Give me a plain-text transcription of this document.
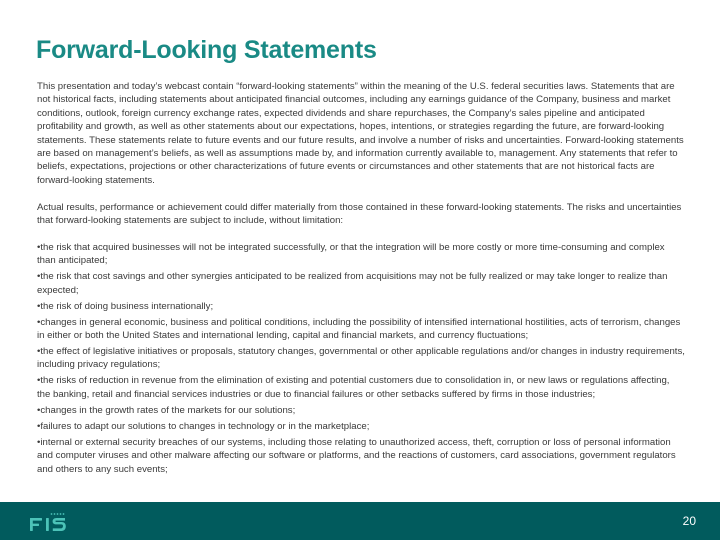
Forward-Looking Statements

This presentation and today’s webcast contain “forward-looking statements” within the meaning of the U.S. federal securities laws. Statements that are not historical facts, including statements about anticipated financial outcomes, including any earnings guidance of the Company, business and market conditions, outlook, foreign currency exchange rates, expected dividends and share repurchases, the Company’s sales pipeline and anticipated profitability and growth, as well as other statements about our expectations, hopes, intentions, or strategies regarding the future, are forward-looking statements. These statements relate to future events and our future results, and involve a number of risks and uncertainties. Forward-looking statements are based on management’s beliefs, as well as assumptions made by, and information currently available to, management. Any statements that refer to beliefs, expectations, projections or other characterizations of future events or circumstances and other statements that are not historical facts are forward-looking statements.

Actual results, performance or achievement could differ materially from those contained in these forward-looking statements. The risks and uncertainties that forward-looking statements are subject to include, without limitation:

•the risk that acquired businesses will not be integrated successfully, or that the integration will be more costly or more time-consuming and complex than anticipated;
•the risk that cost savings and other synergies anticipated to be realized from acquisitions may not be fully realized or may take longer to realize than expected;
•the risk of doing business internationally;
•changes in general economic, business and political conditions, including the possibility of intensified international hostilities, acts of terrorism, changes in either or both the United States and international lending, capital and financial markets, and currency fluctuations;
•the effect of legislative initiatives or proposals, statutory changes, governmental or other applicable regulations and/or changes in industry requirements, including privacy regulations;
•the risks of reduction in revenue from the elimination of existing and potential customers due to consolidation in, or new laws or regulations affecting, the banking, retail and financial services industries or due to financial failures or other setbacks suffered by firms in those industries;
•changes in the growth rates of the markets for our solutions;
•failures to adapt our solutions to changes in technology or in the marketplace;
•internal or external security breaches of our systems, including those relating to unauthorized access, theft, corruption or loss of personal information and computer viruses and other malware affecting our software or platforms, and the reactions of customers, card associations, government regulators and others to any such events;
20
